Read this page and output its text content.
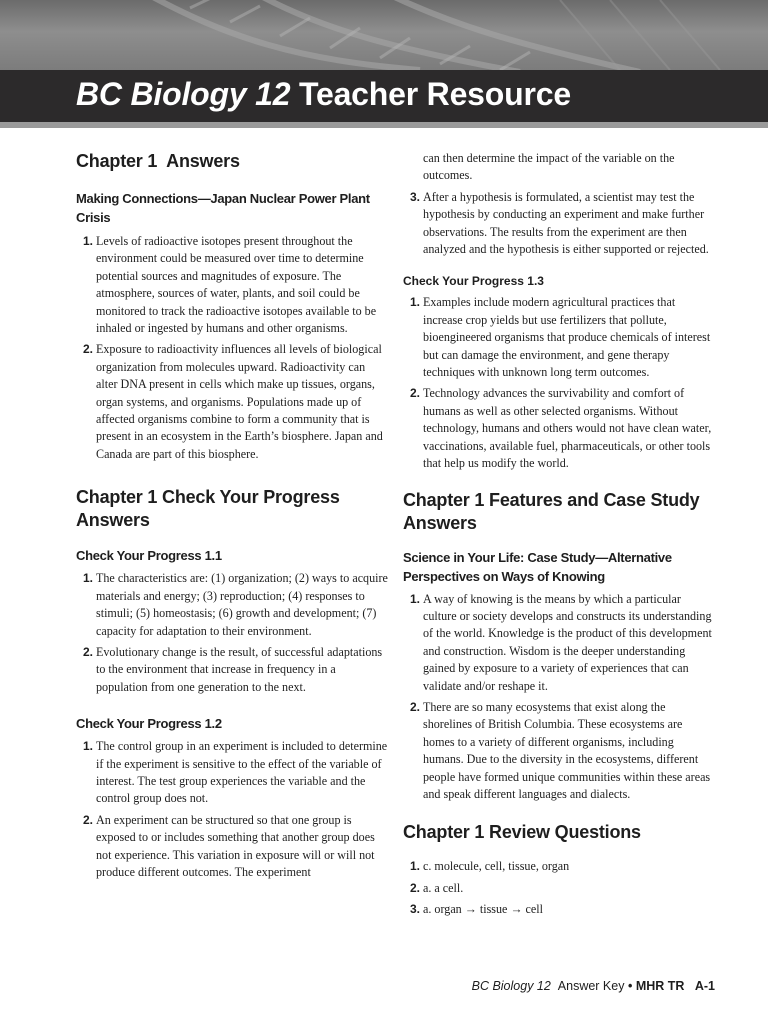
BC Biology 12 Teacher Resource
Chapter 1  Answers
Making Connections—Japan Nuclear Power Plant Crisis
1. Levels of radioactive isotopes present throughout the environment could be measured over time to determine potential sources and magnitudes of exposure. The atmosphere, sources of water, plants, and soil could be monitored to track the radioactive isotopes available to be inhaled or ingested by humans and other organisms.
2. Exposure to radioactivity influences all levels of biological organization from molecules upward. Radioactivity can alter DNA present in cells which make up tissues, organs, organ systems, and organisms. Populations made up of affected organisms combine to form a community that is present in an ecosystem in the Earth’s biosphere. Japan and Canada are part of this biosphere.
Chapter 1 Check Your Progress Answers
Check Your Progress 1.1
1. The characteristics are: (1) organization; (2) ways to acquire materials and energy; (3) reproduction; (4) responses to stimuli; (5) homeostasis; (6) growth and development; (7) capacity for adaptation to their environment.
2. Evolutionary change is the result, of successful adaptations to the environment that increase in frequency in a population from one generation to the next.
Check Your Progress 1.2
1. The control group in an experiment is included to determine if the experiment is sensitive to the effect of the variable of interest. The test group experiences the variable and the control group does not.
2. An experiment can be structured so that one group is exposed to or includes something that another group does not experience. This variation in exposure will or will not produce different outcomes. The experiment
can then determine the impact of the variable on the outcomes.
3. After a hypothesis is formulated, a scientist may test the hypothesis by conducting an experiment and make further observations. The results from the experiment are then analyzed and the hypothesis is either supported or rejected.
Check Your Progress 1.3
1. Examples include modern agricultural practices that increase crop yields but use fertilizers that pollute, bioengineered organisms that produce chemicals of interest but can damage the environment, and gene therapy techniques with unknown long term outcomes.
2. Technology advances the survivability and comfort of humans as well as other selected organisms. Without technology, humans and others would not have clean water, vaccinations, available fuel, pharmaceuticals, or other tools that help us modify the world.
Chapter 1 Features and Case Study Answers
Science in Your Life: Case Study—Alternative Perspectives on Ways of Knowing
1. A way of knowing is the means by which a particular culture or society develops and constructs its understanding of the world. Knowledge is the product of this development and construction. Wisdom is the deeper understanding gained by exposure to a variety of experiences that can validate and/or reshape it.
2. There are so many ecosystems that exist along the shorelines of British Columbia. These ecosystems are homes to a variety of different organisms, including humans. Due to the diversity in the ecosystems, different people have formed unique communities within these areas and speak different languages and dialects.
Chapter 1 Review Questions
1. c. molecule, cell, tissue, organ
2. a. a cell.
3. a. organ → tissue → cell
BC Biology 12 Answer Key • MHR TR A-1
